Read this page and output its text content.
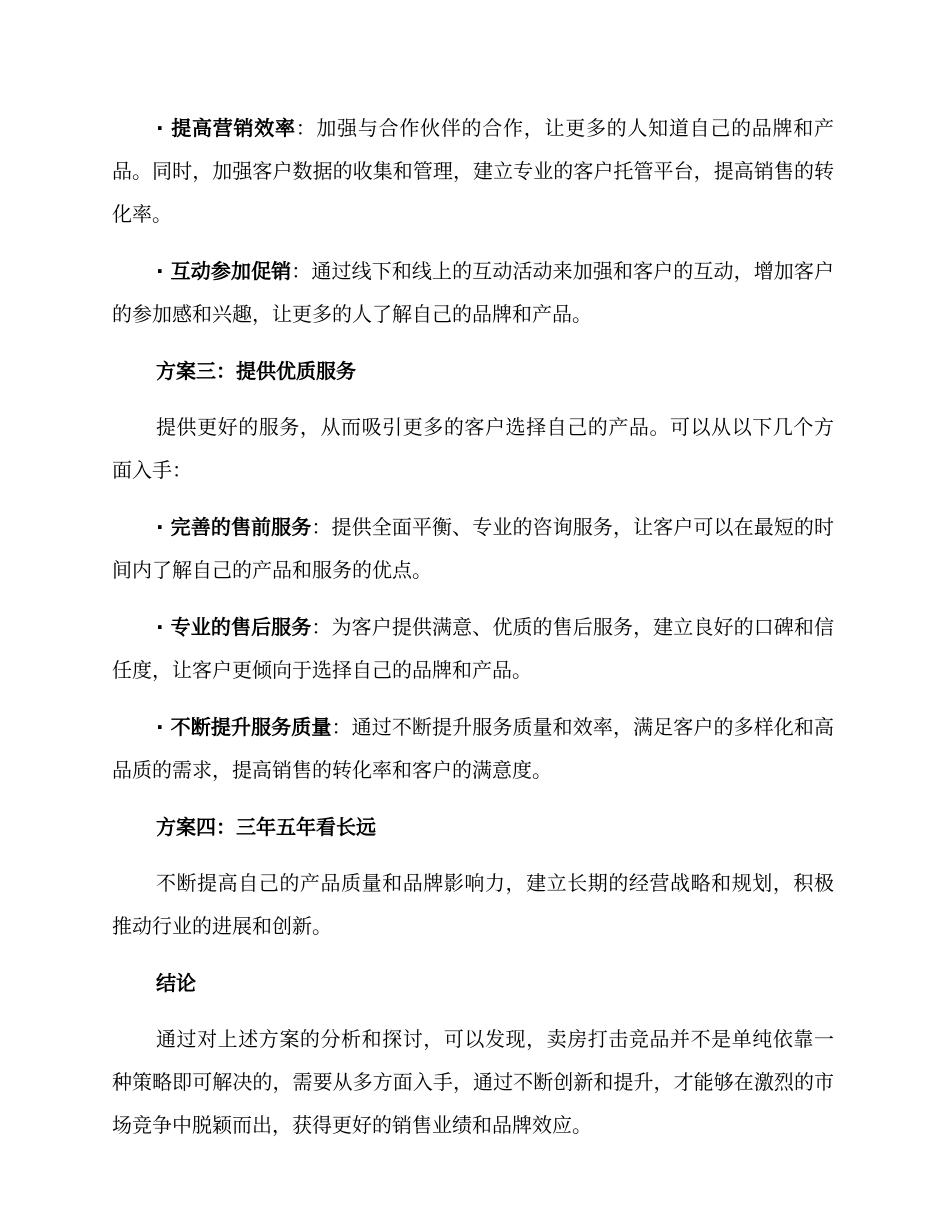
· 提高营销效率：加强与合作伙伴的合作，让更多的人知道自己的品牌和产品。同时，加强客户数据的收集和管理，建立专业的客户托管平台，提高销售的转化率。

· 互动参加促销：通过线下和线上的互动活动来加强和客户的互动，增加客户的参加感和兴趣，让更多的人了解自己的品牌和产品。

方案三：提供优质服务

提供更好的服务，从而吸引更多的客户选择自己的产品。可以从以下几个方面入手：

· 完善的售前服务：提供全面平衡、专业的咨询服务，让客户可以在最短的时间内了解自己的产品和服务的优点。

· 专业的售后服务：为客户提供满意、优质的售后服务，建立良好的口碑和信任度，让客户更倾向于选择自己的品牌和产品。

· 不断提升服务质量：通过不断提升服务质量和效率，满足客户的多样化和高品质的需求，提高销售的转化率和客户的满意度。

方案四：三年五年看长远

不断提高自己的产品质量和品牌影响力，建立长期的经营战略和规划，积极推动行业的进展和创新。

结论

通过对上述方案的分析和探讨，可以发现，卖房打击竞品并不是单纯依靠一种策略即可解决的，需要从多方面入手，通过不断创新和提升，才能够在激烈的市场竞争中脱颖而出，获得更好的销售业绩和品牌效应。
